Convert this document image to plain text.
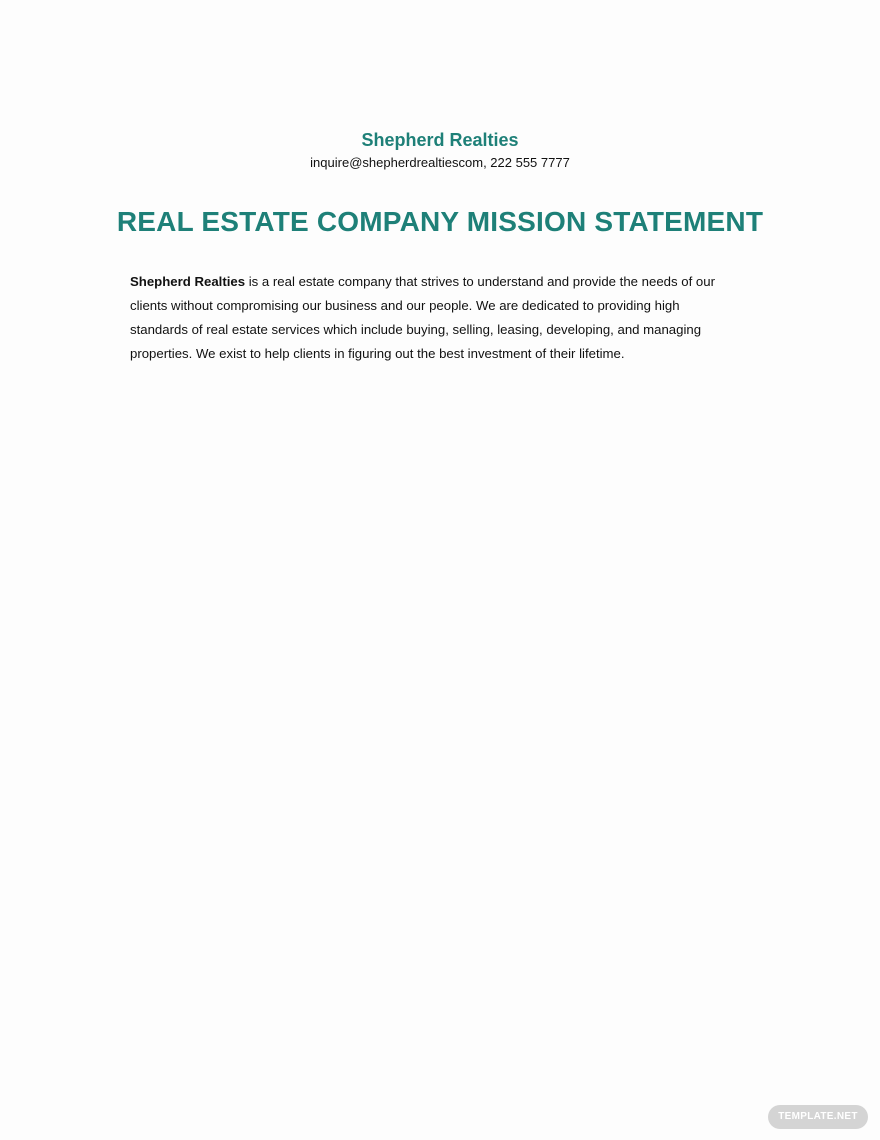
Shepherd Realties
inquire@shepherdrealtiescom, 222 555 7777
REAL ESTATE COMPANY MISSION STATEMENT

Shepherd Realties is a real estate company that strives to understand and provide the needs of our clients without compromising our business and our people. We are dedicated to providing high standards of real estate services which include buying, selling, leasing, developing, and managing properties. We exist to help clients in figuring out the best investment of their lifetime.

TEMPLATE.NET
